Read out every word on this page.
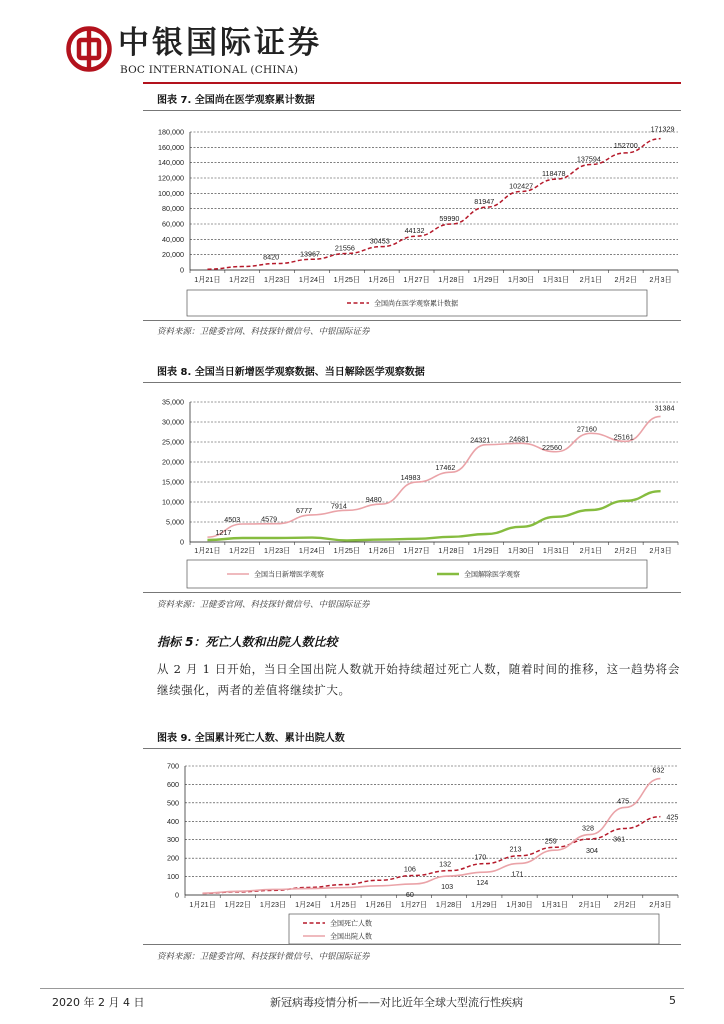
中银国际证券
BOC INTERNATIONAL (CHINA)
图表 7. 全国尚在医学观察累计数据
0
20,000
40,000
60,000
80,000
100,000
120,000
140,000
160,000
180,000
1月21日 1月22日 1月23日 1月24日 1月25日 1月26日 1月27日 1月28日 1月29日 1月30日 1月31日 2月1日 2月2日 2月3日
8420	13967
21556
30453
44132
59990
81947
102427
118478
137594
152700
171329
全国尚在医学观察累计数据
资料来源：卫健委官网、科技探针微信号、中银国际证券
图表 8. 全国当日新增医学观察数据、当日解除医学观察数据
0
5,000
10,000
15,000
20,000
25,000
30,000
35,000
1月21日 1月22日 1月23日 1月24日 1月25日 1月26日 1月27日 1月28日 1月29日 1月30日 1月31日 2月1日 2月2日 2月3日
1217
4503	4579
6777
7914
9480
14983
17462
24321	24681
22560
27160
25161
31384
全国当日新增医学观察	全国解除医学观察
资料来源：卫健委官网、科技探针微信号、中银国际证券
指标 5：死亡人数和出院人数比较
从 2 月 1 日开始，当日全国出院人数就开始持续超过死亡人数，随着时间的推移，这一趋势将会继续强化，两者的差值将继续扩大。
图表 9. 全国累计死亡人数、累计出院人数
0
100
200
300
400
500
600
700
1月21日 1月22日 1月23日 1月24日 1月25日 1月26日 1月27日 1月28日 1月29日 1月30日 1月31日 2月1日 2月2日 2月3日
106
132
170
213
259
304
361
425
60
103	124
171
328
475
632
全国死亡人数
全国出院人数
资料来源：卫健委官网、科技探针微信号、中银国际证券
2020 年 2 月 4 日	新冠病毒疫情分析——对比近年全球大型流行性疾病	5
